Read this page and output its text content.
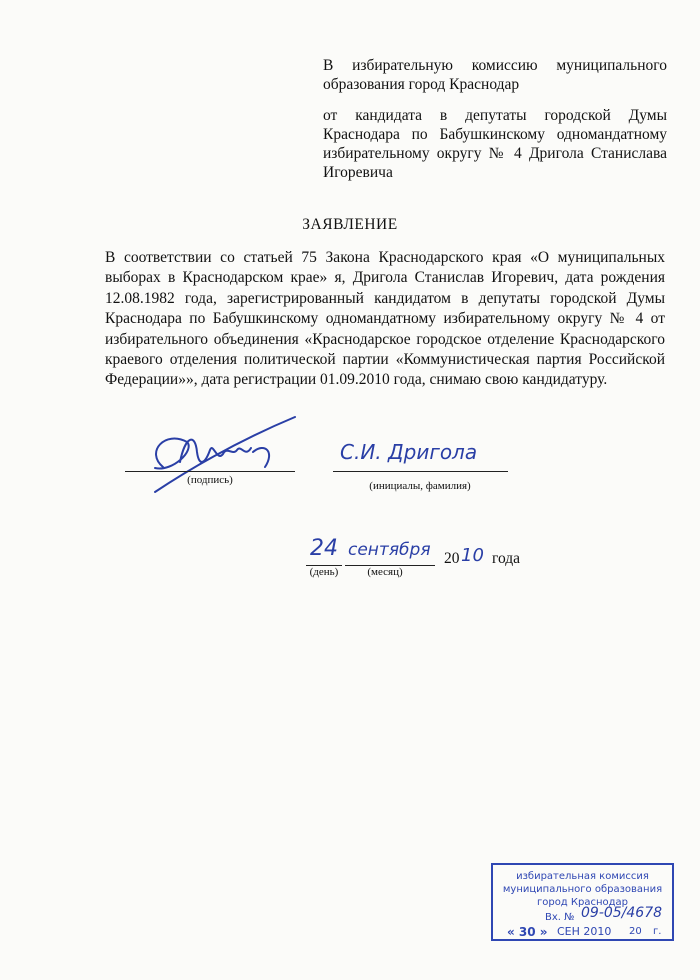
В избирательную комиссию муниципального образования город Краснодар

от кандидата в депутаты городской Думы Краснодара по Бабушкинскому одномандатному избирательному округу № 4 Дригола Станислава Игоревича

ЗАЯВЛЕНИЕ
В соответствии со статьей 75 Закона Краснодарского края «О муниципальных выборах в Краснодарском крае» я, Дригола Станислав Игоревич, дата рождения 12.08.1982 года, зарегистрированный кандидатом в депутаты городской Думы Краснодара по Бабушкинскому одномандатному избирательному округу № 4 от избирательного объединения «Краснодарское городское отделение Краснодарского краевого отделения политической партии «Коммунистическая партия Российской Федерации»», дата регистрации 01.09.2010 года, снимаю свою кандидатуру.
(подпись)
С.И. Дригола
(инициалы, фамилия)
24
(день)
сентября
(месяц)
20 10 года
избирательная комиссия
муниципального образования
город Краснодар
Вх. № 09-05/4678
« 30 » СЕН 2010 20 г.
